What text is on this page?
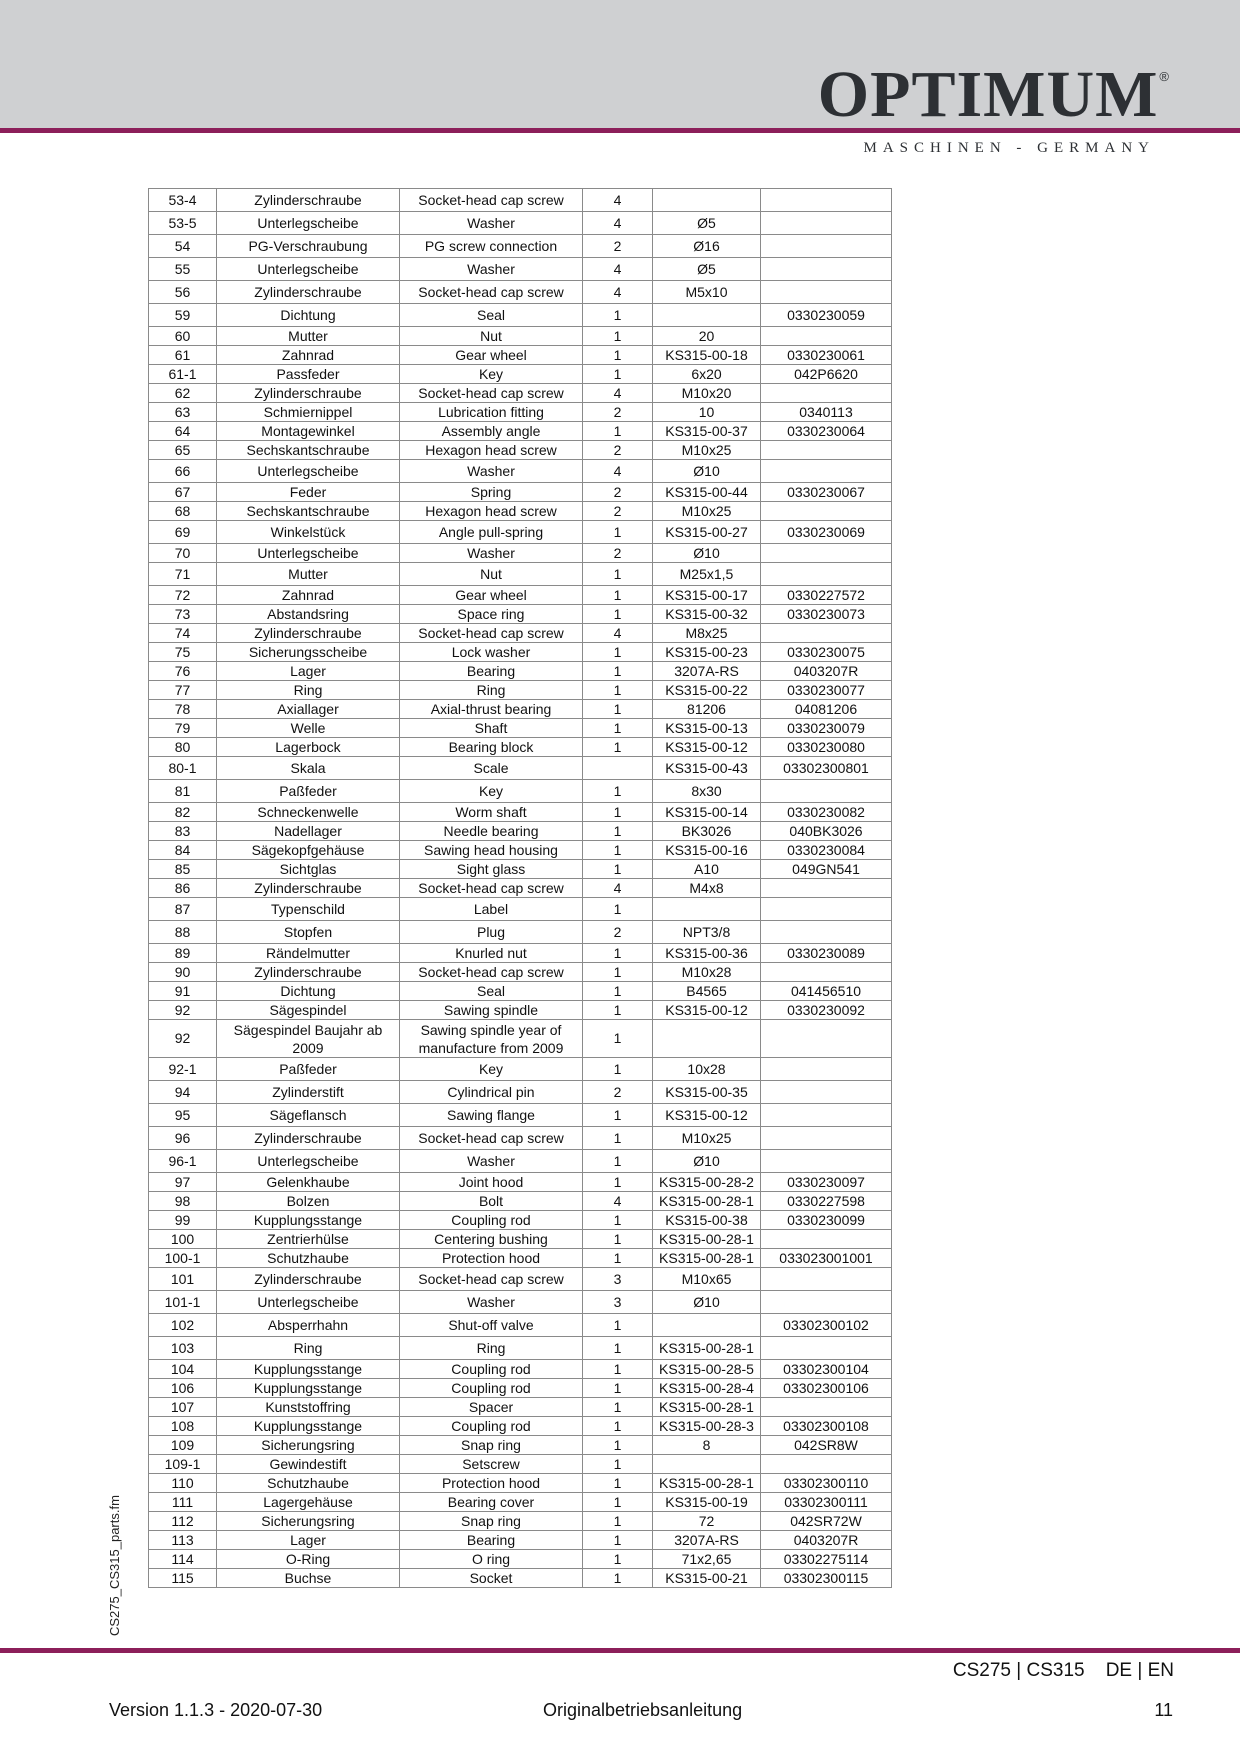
OPTIMUM®
MASCHINEN - GERMANY
53-4	Zylinderschraube	Socket-head cap screw	4		
53-5	Unterlegscheibe	Washer	4	Ø5	
54	PG-Verschraubung	PG screw connection	2	Ø16	
55	Unterlegscheibe	Washer	4	Ø5	
56	Zylinderschraube	Socket-head cap screw	4	M5x10	
59	Dichtung	Seal	1		0330230059
60	Mutter	Nut	1	20	
61	Zahnrad	Gear wheel	1	KS315-00-18	0330230061
61-1	Passfeder	Key	1	6x20	042P6620
62	Zylinderschraube	Socket-head cap screw	4	M10x20	
63	Schmiernippel	Lubrication fitting	2	10	0340113
64	Montagewinkel	Assembly angle	1	KS315-00-37	0330230064
65	Sechskantschraube	Hexagon head screw	2	M10x25	
66	Unterlegscheibe	Washer	4	Ø10	
67	Feder	Spring	2	KS315-00-44	0330230067
68	Sechskantschraube	Hexagon head screw	2	M10x25	
69	Winkelstück	Angle pull-spring	1	KS315-00-27	0330230069
70	Unterlegscheibe	Washer	2	Ø10	
71	Mutter	Nut	1	M25x1,5	
72	Zahnrad	Gear wheel	1	KS315-00-17	0330227572
73	Abstandsring	Space ring	1	KS315-00-32	0330230073
74	Zylinderschraube	Socket-head cap screw	4	M8x25	
75	Sicherungsscheibe	Lock washer	1	KS315-00-23	0330230075
76	Lager	Bearing	1	3207A-RS	0403207R
77	Ring	Ring	1	KS315-00-22	0330230077
78	Axiallager	Axial-thrust bearing	1	81206	04081206
79	Welle	Shaft	1	KS315-00-13	0330230079
80	Lagerbock	Bearing block	1	KS315-00-12	0330230080
80-1	Skala	Scale		KS315-00-43	03302300801
81	Paßfeder	Key	1	8x30	
82	Schneckenwelle	Worm shaft	1	KS315-00-14	0330230082
83	Nadellager	Needle bearing	1	BK3026	040BK3026
84	Sägekopfgehäuse	Sawing head housing	1	KS315-00-16	0330230084
85	Sichtglas	Sight glass	1	A10	049GN541
86	Zylinderschraube	Socket-head cap screw	4	M4x8	
87	Typenschild	Label	1		
88	Stopfen	Plug	2	NPT3/8	
89	Rändelmutter	Knurled nut	1	KS315-00-36	0330230089
90	Zylinderschraube	Socket-head cap screw	1	M10x28	
91	Dichtung	Seal	1	B4565	041456510
92	Sägespindel	Sawing spindle	1	KS315-00-12	0330230092
92	Sägespindel Baujahr ab 2009	Sawing spindle year of manufacture from 2009	1		
92-1	Paßfeder	Key	1	10x28	
94	Zylinderstift	Cylindrical pin	2	KS315-00-35	
95	Sägeflansch	Sawing flange	1	KS315-00-12	
96	Zylinderschraube	Socket-head cap screw	1	M10x25	
96-1	Unterlegscheibe	Washer	1	Ø10	
97	Gelenkhaube	Joint hood	1	KS315-00-28-2	0330230097
98	Bolzen	Bolt	4	KS315-00-28-1	0330227598
99	Kupplungsstange	Coupling rod	1	KS315-00-38	0330230099
100	Zentrierhülse	Centering bushing	1	KS315-00-28-1	
100-1	Schutzhaube	Protection hood	1	KS315-00-28-1	033023001001
101	Zylinderschraube	Socket-head cap screw	3	M10x65	
101-1	Unterlegscheibe	Washer	3	Ø10	
102	Absperrhahn	Shut-off valve	1		03302300102
103	Ring	Ring	1	KS315-00-28-1	
104	Kupplungsstange	Coupling rod	1	KS315-00-28-5	03302300104
106	Kupplungsstange	Coupling rod	1	KS315-00-28-4	03302300106
107	Kunststoffring	Spacer	1	KS315-00-28-1	
108	Kupplungsstange	Coupling rod	1	KS315-00-28-3	03302300108
109	Sicherungsring	Snap ring	1	8	042SR8W
109-1	Gewindestift	Setscrew	1		
110	Schutzhaube	Protection hood	1	KS315-00-28-1	03302300110
111	Lagergehäuse	Bearing cover	1	KS315-00-19	03302300111
112	Sicherungsring	Snap ring	1	72	042SR72W
113	Lager	Bearing	1	3207A-RS	0403207R
114	O-Ring	O ring	1	71x2,65	03302275114
115	Buchse	Socket	1	KS315-00-21	03302300115
CS275_CS315_parts.fm
CS275 | CS315    DE | EN
Version 1.1.3 - 2020-07-30	Originalbetriebsanleitung	11
